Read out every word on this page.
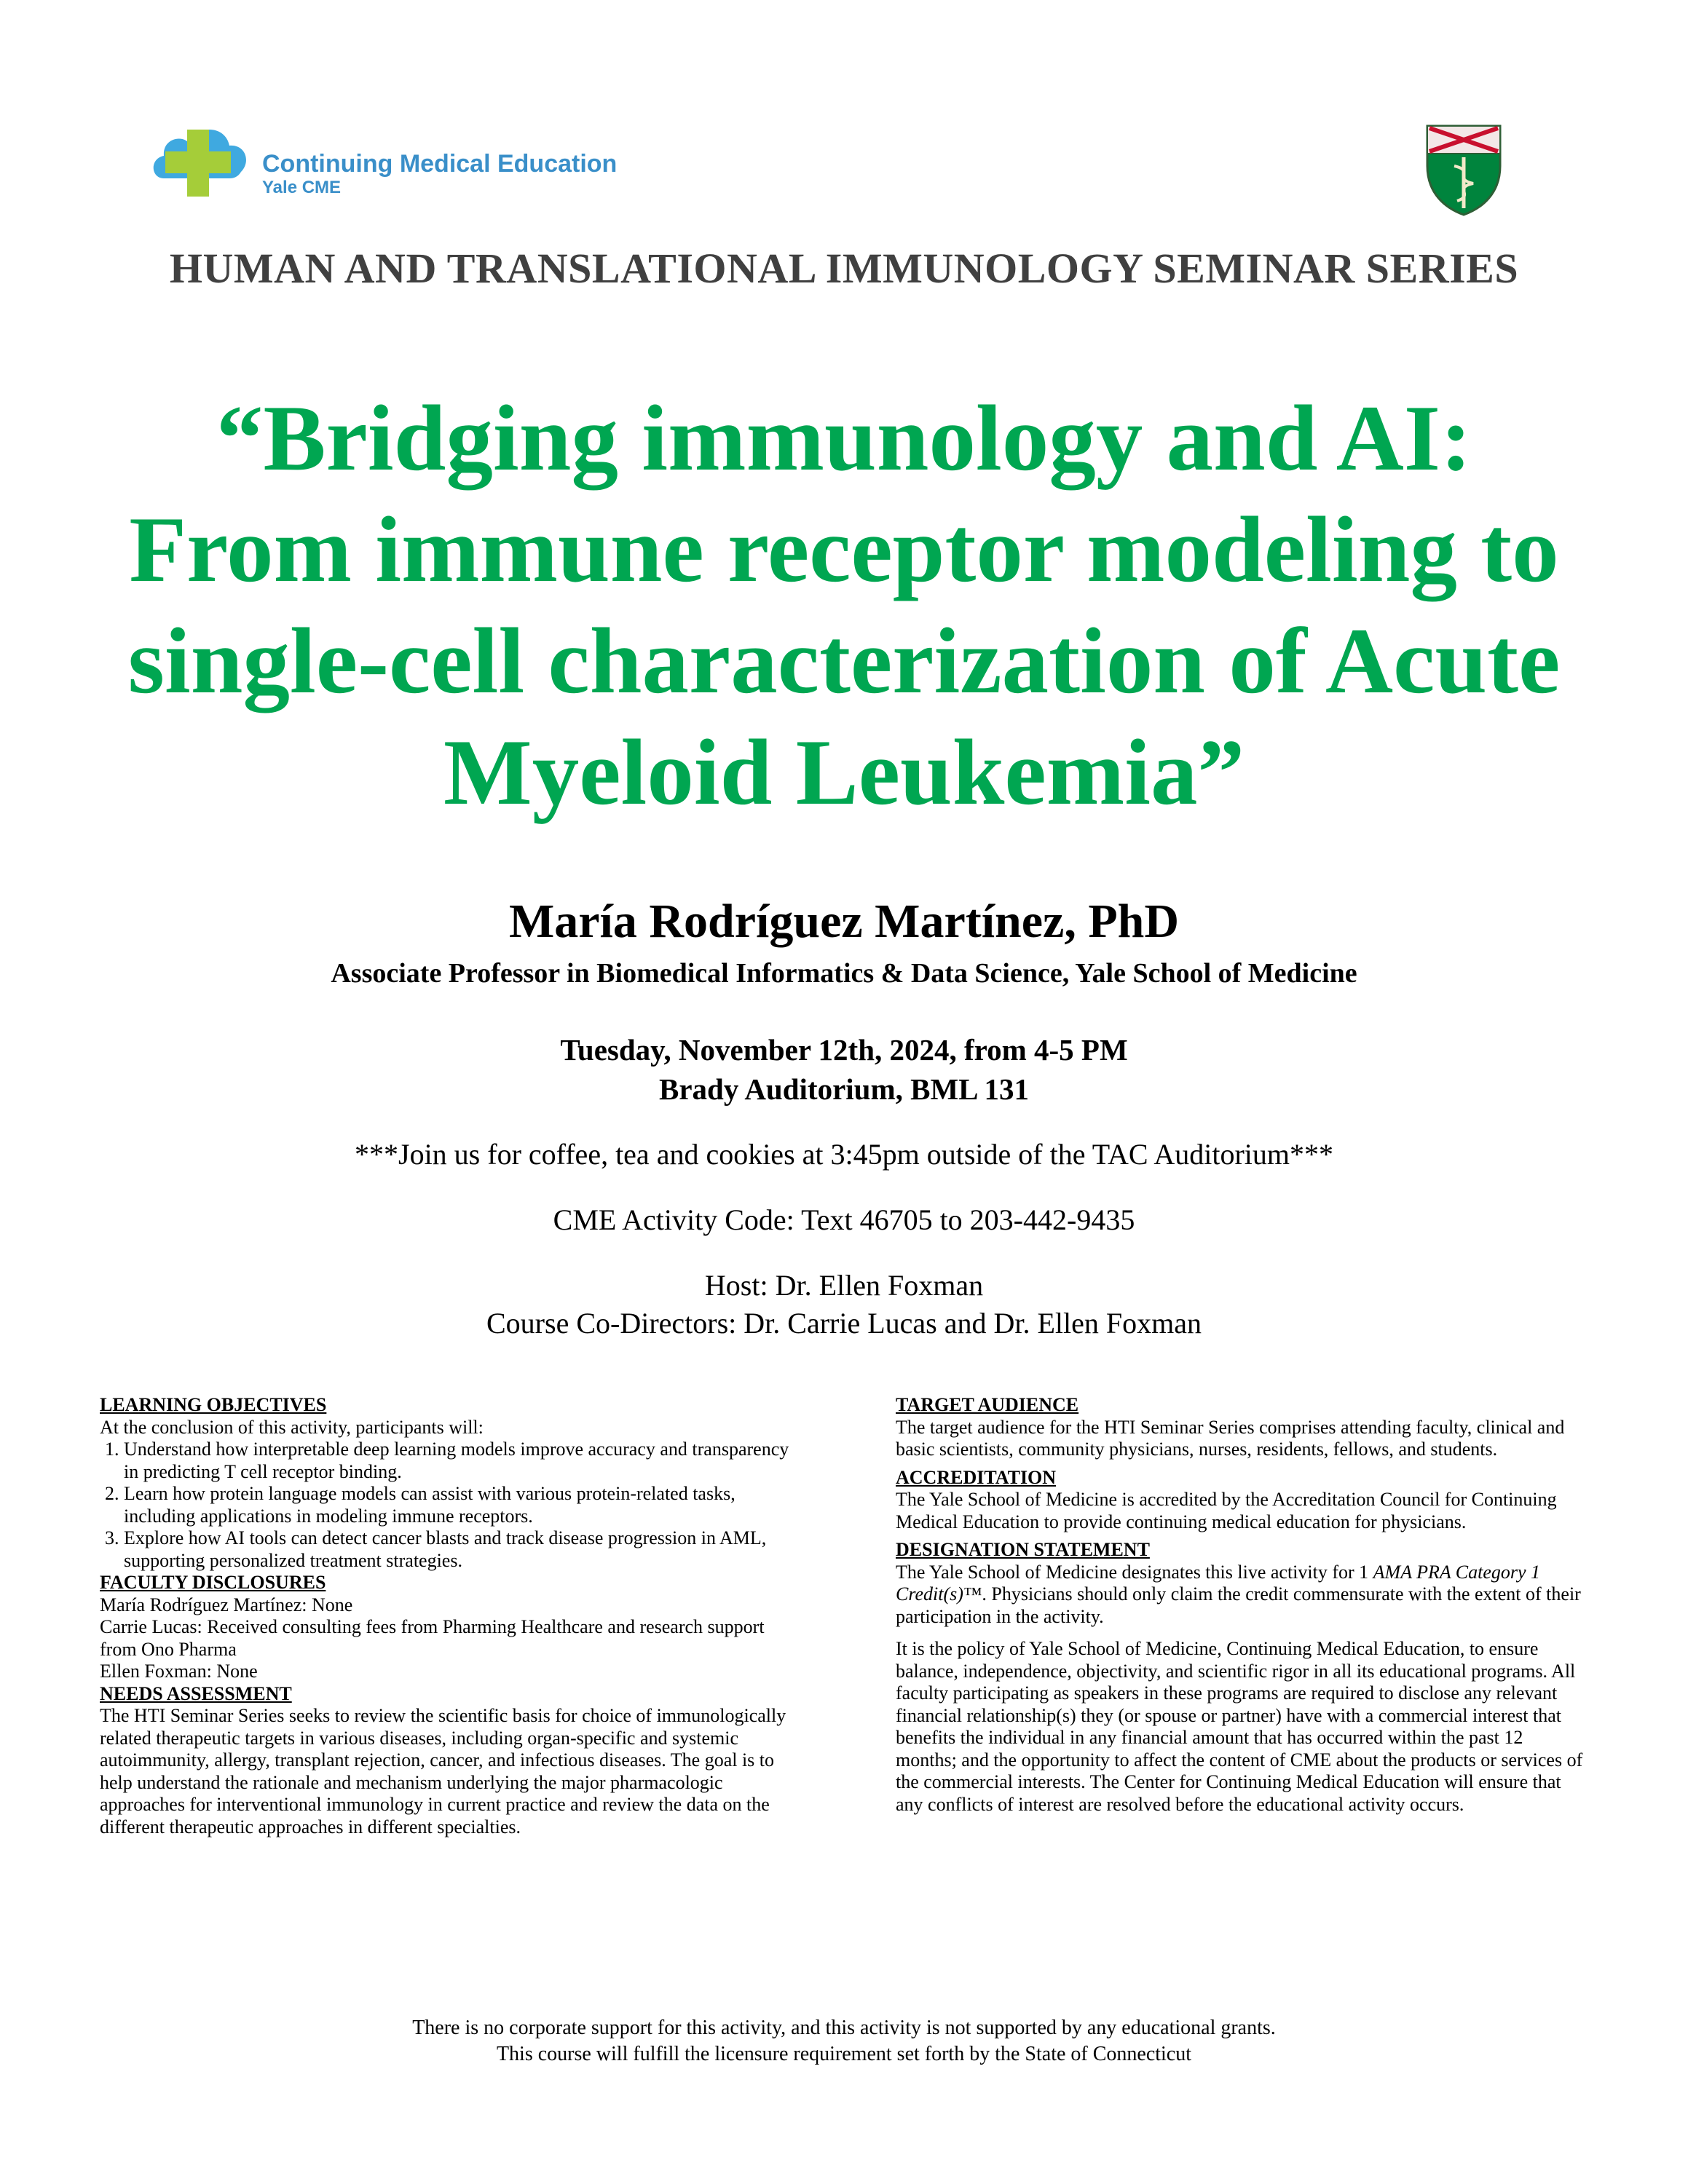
Continuing Medical Education
Yale CME
HUMAN AND TRANSLATIONAL IMMUNOLOGY SEMINAR SERIES
“Bridging immunology and AI:
From immune receptor modeling to
single-cell characterization of Acute
Myeloid Leukemia”
María Rodríguez Martínez, PhD
Associate Professor in Biomedical Informatics & Data Science, Yale School of Medicine
Tuesday, November 12th, 2024, from 4-5 PM
Brady Auditorium, BML 131
***Join us for coffee, tea and cookies at 3:45pm outside of the TAC Auditorium***
CME Activity Code: Text 46705 to 203-442-9435
Host: Dr. Ellen Foxman
Course Co-Directors: Dr. Carrie Lucas and Dr. Ellen Foxman
LEARNING OBJECTIVES
At the conclusion of this activity, participants will:
1. Understand how interpretable deep learning models improve accuracy and transparency in predicting T cell receptor binding.
2. Learn how protein language models can assist with various protein-related tasks, including applications in modeling immune receptors.
3. Explore how AI tools can detect cancer blasts and track disease progression in AML, supporting personalized treatment strategies.
FACULTY DISCLOSURES
María Rodríguez Martínez: None
Carrie Lucas: Received consulting fees from Pharming Healthcare and research support from Ono Pharma
Ellen Foxman: None
NEEDS ASSESSMENT
The HTI Seminar Series seeks to review the scientific basis for choice of immunologically related therapeutic targets in various diseases, including organ-specific and systemic autoimmunity, allergy, transplant rejection, cancer, and infectious diseases. The goal is to help understand the rationale and mechanism underlying the major pharmacologic approaches for interventional immunology in current practice and review the data on the different therapeutic approaches in different specialties.
TARGET AUDIENCE
The target audience for the HTI Seminar Series comprises attending faculty, clinical and basic scientists, community physicians, nurses, residents, fellows, and students.
ACCREDITATION
The Yale School of Medicine is accredited by the Accreditation Council for Continuing Medical Education to provide continuing medical education for physicians.
DESIGNATION STATEMENT
The Yale School of Medicine designates this live activity for 1 AMA PRA Category 1 Credit(s)™. Physicians should only claim the credit commensurate with the extent of their participation in the activity.
It is the policy of Yale School of Medicine, Continuing Medical Education, to ensure balance, independence, objectivity, and scientific rigor in all its educational programs. All faculty participating as speakers in these programs are required to disclose any relevant financial relationship(s) they (or spouse or partner) have with a commercial interest that benefits the individual in any financial amount that has occurred within the past 12 months; and the opportunity to affect the content of CME about the products or services of the commercial interests. The Center for Continuing Medical Education will ensure that any conflicts of interest are resolved before the educational activity occurs.
There is no corporate support for this activity, and this activity is not supported by any educational grants.
This course will fulfill the licensure requirement set forth by the State of Connecticut
